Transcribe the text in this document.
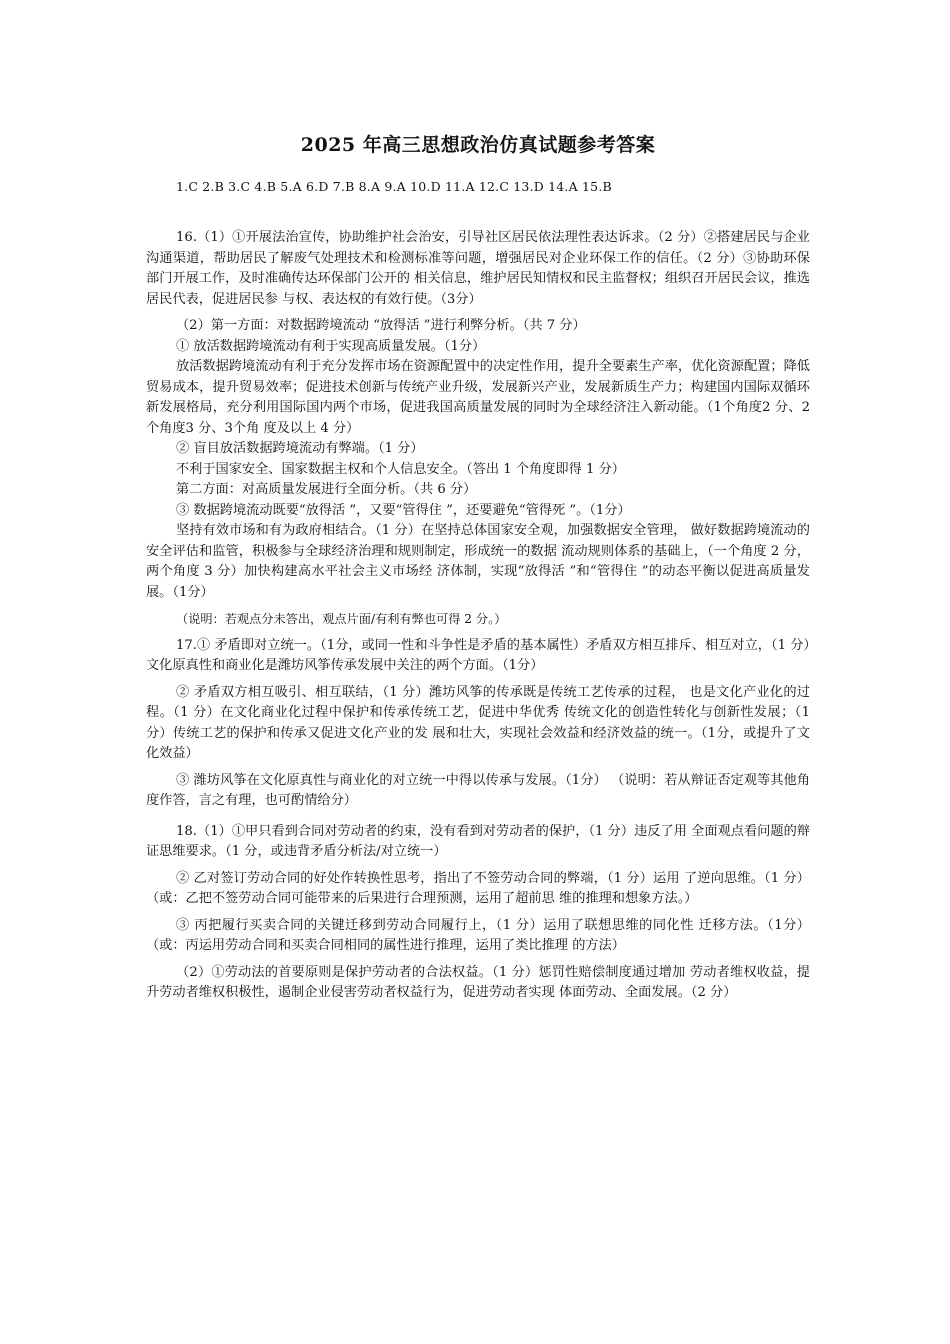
2025 年高三思想政治仿真试题参考答案
1.C 2.B 3.C 4.B 5.A 6.D 7.B 8.A 9.A 10.D 11.A 12.C 13.D 14.A 15.B

16.（1）①开展法治宣传，协助维护社会治安，引导社区居民依法理性表达诉求。（2 分）②搭建居民与企业沟通渠道，帮助居民了解废气处理技术和检测标准等问题，增强居民对企业环保工作的信任。（2 分）③协助环保部门开展工作，及时准确传达环保部门公开的 相关信息，维护居民知情权和民主监督权；组织召开居民会议，推选居民代表，促进居民参 与权、表达权的有效行使。（3分）

（2）第一方面：对数据跨境流动 “放得活 ”进行利弊分析。（共 7 分）

① 放活数据跨境流动有利于实现高质量发展。（1分）

放活数据跨境流动有利于充分发挥市场在资源配置中的决定性作用，提升全要素生产率，优化资源配置；降低贸易成本，提升贸易效率；促进技术创新与传统产业升级，发展新兴产业，发展新质生产力；构建国内国际双循环新发展格局，充分利用国际国内两个市场，促进我国高质量发展的同时为全球经济注入新动能。（1个角度2 分、2 个角度3 分、3个角 度及以上 4 分）

② 盲目放活数据跨境流动有弊端。（1 分）

不利于国家安全、国家数据主权和个人信息安全。（答出 1 个角度即得 1 分）

第二方面：对高质量发展进行全面分析。（共 6 分）

③ 数据跨境流动既要“放得活 ”，又要“管得住 ”，还要避免“管得死 ”。（1分）

坚持有效市场和有为政府相结合。（1 分）在坚持总体国家安全观，加强数据安全管理， 做好数据跨境流动的安全评估和监管，积极参与全球经济治理和规则制定，形成统一的数据 流动规则体系的基础上，（一个角度 2 分，两个角度 3 分）加快构建高水平社会主义市场经 济体制，实现“放得活 ”和“管得住 ”的动态平衡以促进高质量发展。（1分）

（说明：若观点分未答出，观点片面/有利有弊也可得 2 分。）

17.① 矛盾即对立统一。（1分，或同一性和斗争性是矛盾的基本属性）矛盾双方相互排斥、相互对立，（1 分）文化原真性和商业化是潍坊风筝传承发展中关注的两个方面。（1分）

② 矛盾双方相互吸引、相互联结，（1 分）潍坊风筝的传承既是传统工艺传承的过程， 也是文化产业化的过程。（1 分）在文化商业化过程中保护和传承传统工艺，促进中华优秀 传统文化的创造性转化与创新性发展；（1 分）传统工艺的保护和传承又促进文化产业的发 展和壮大，实现社会效益和经济效益的统一。（1分，或提升了文化效益）

③ 潍坊风筝在文化原真性与商业化的对立统一中得以传承与发展。（1分） （说明：若从辩证否定观等其他角度作答，言之有理，也可酌情给分）

18.（1）①甲只看到合同对劳动者的约束，没有看到对劳动者的保护，（1 分）违反了用 全面观点看问题的辩证思维要求。（1 分，或违背矛盾分析法/对立统一）

② 乙对签订劳动合同的好处作转换性思考，指出了不签劳动合同的弊端，（1 分）运用 了逆向思维。（1 分）（或：乙把不签劳动合同可能带来的后果进行合理预测，运用了超前思 维的推理和想象方法。）

③ 丙把履行买卖合同的关键迁移到劳动合同履行上，（1 分）运用了联想思维的同化性 迁移方法。（1分）（或：丙运用劳动合同和买卖合同相同的属性进行推理，运用了类比推理 的方法）

（2）①劳动法的首要原则是保护劳动者的合法权益。（1 分）惩罚性赔偿制度通过增加 劳动者维权收益，提升劳动者维权积极性，遏制企业侵害劳动者权益行为，促进劳动者实现 体面劳动、全面发展。（2 分）
